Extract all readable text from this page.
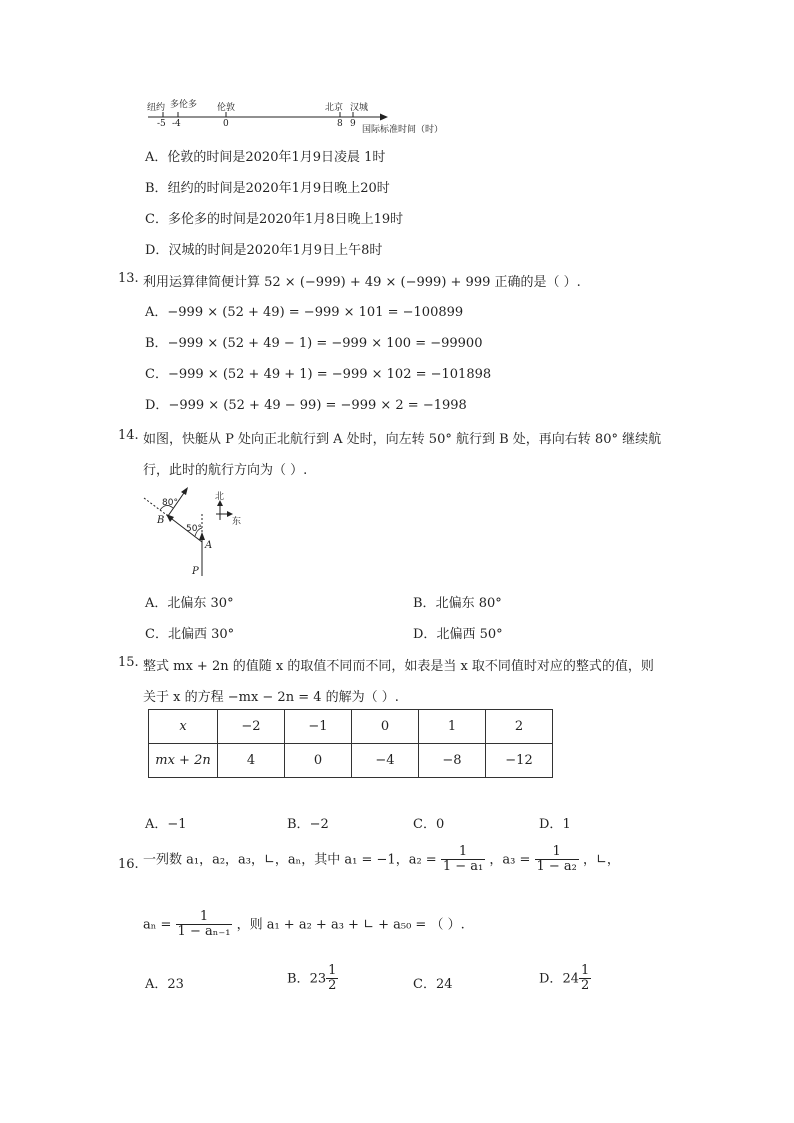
纽约 多伦多 伦敦	北京 汉城
-5 -4	0	8 9
国际标准时间（时）
A．伦敦的时间是2020年1月9日凌晨 1时
B．纽约的时间是2020年1月9日晚上20时
C．多伦多的时间是2020年1月8日晚上19时
D．汉城的时间是2020年1月9日上午8时
13. 利用运算律简便计算 52 × (−999) + 49 × (−999) + 999 正确的是（ ）.
A．−999 × (52 + 49) = −999 × 101 = −100899
B．−999 × (52 + 49 − 1) = −999 × 100 = −99900
C．−999 × (52 + 49 + 1) = −999 × 102 = −101898
D．−999 × (52 + 49 − 99) = −999 × 2 = −1998
14. 如图，快艇从 P 处向正北航行到 A 处时，向左转 50° 航行到 B 处，再向右转 80° 继续航
行，此时的航行方向为（ ）.
80°
50°
B
A
P
北
东
A．北偏东 30°	B．北偏东 80°
C．北偏西 30°	D．北偏西 50°
15. 整式 mx + 2n 的值随 x 的取值不同而不同，如表是当 x 取不同值时对应的整式的值，则
关于 x 的方程 −mx − 2n = 4 的解为（ ）.
x	−2	−1	0	1	2
mx + 2n	4	0	−4	−8	−12
A．−1	B．−2	C．0	D．1
16. 一列数 a₁，a₂，a₃，∟，aₙ，其中 a₁ = −1，$a_2 = \frac{1}{\text{1 − a₁}}$ ，$a_3 = \frac{1}{\text{1 − a₂}}$ ，∟，
$a_n = \frac{1}{\text{1 − aₙ₋₁}}$ ，则 a₁ + a₂ + a₃ + ∟ + a₅₀ = （ ）.
A．23	B．$23 \frac{1}{2}$	C．24	D．$24 \frac{1}{2}$
